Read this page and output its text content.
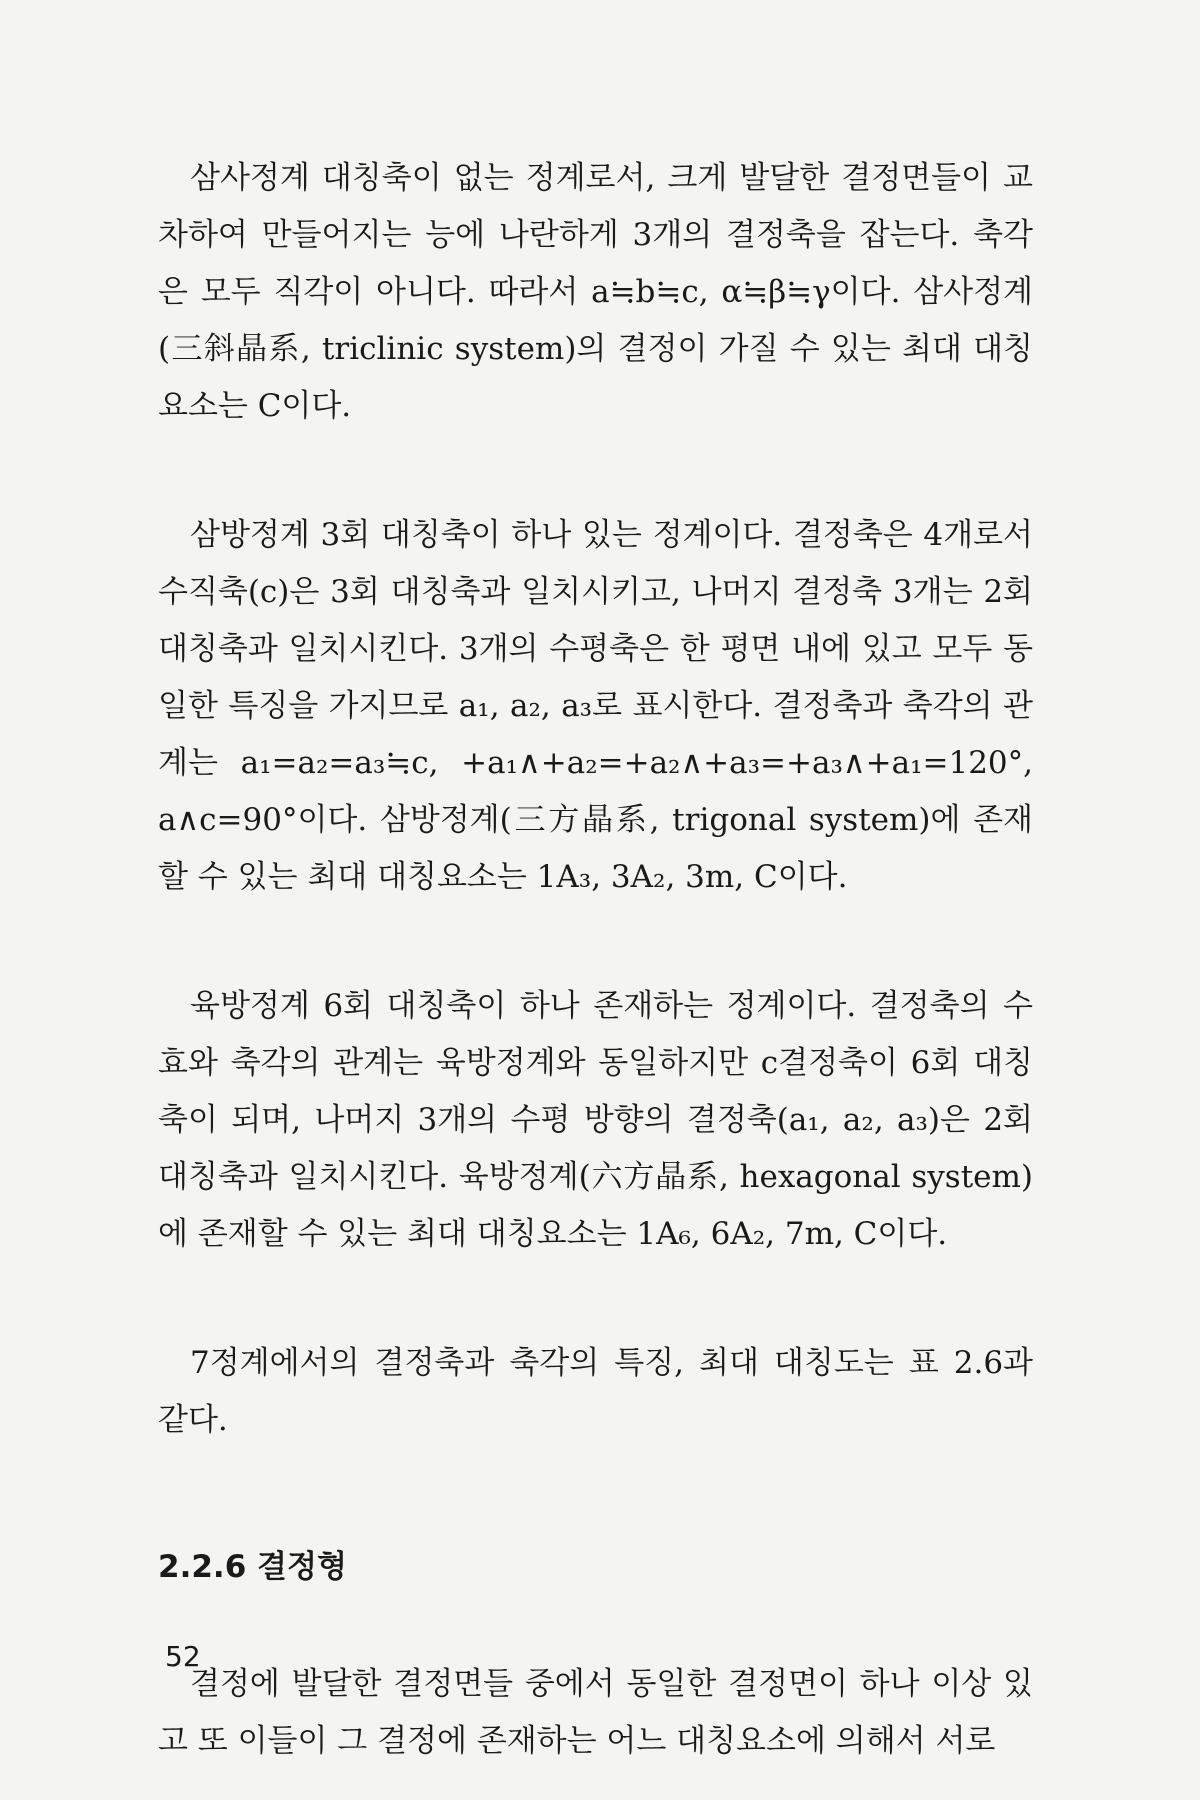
삼사정계 대칭축이 없는 정계로서, 크게 발달한 결정면들이 교차하여 만들어지는 능에 나란하게 3개의 결정축을 잡는다. 축각은 모두 직각이 아니다. 따라서 a≒b≒c, α≒β≒γ이다. 삼사정계(三斜晶系, triclinic system)의 결정이 가질 수 있는 최대 대칭요소는 C이다.

삼방정계 3회 대칭축이 하나 있는 정계이다. 결정축은 4개로서 수직축(c)은 3회 대칭축과 일치시키고, 나머지 결정축 3개는 2회 대칭축과 일치시킨다. 3개의 수평축은 한 평면 내에 있고 모두 동일한 특징을 가지므로 a₁, a₂, a₃로 표시한다. 결정축과 축각의 관계는 a₁=a₂=a₃≒c, +a₁∧+a₂=+a₂∧+a₃=+a₃∧+a₁=120°, a∧c=90°이다. 삼방정계(三方晶系, trigonal system)에 존재할 수 있는 최대 대칭요소는 1A₃, 3A₂, 3m, C이다.

육방정계 6회 대칭축이 하나 존재하는 정계이다. 결정축의 수효와 축각의 관계는 육방정계와 동일하지만 c결정축이 6회 대칭축이 되며, 나머지 3개의 수평 방향의 결정축(a₁, a₂, a₃)은 2회 대칭축과 일치시킨다. 육방정계(六方晶系, hexagonal system)에 존재할 수 있는 최대 대칭요소는 1A₆, 6A₂, 7m, C이다.

7정계에서의 결정축과 축각의 특징, 최대 대칭도는 표 2.6과 같다.

2.2.6 결정형

결정에 발달한 결정면들 중에서 동일한 결정면이 하나 이상 있고 또 이들이 그 결정에 존재하는 어느 대칭요소에 의해서 서로

52
